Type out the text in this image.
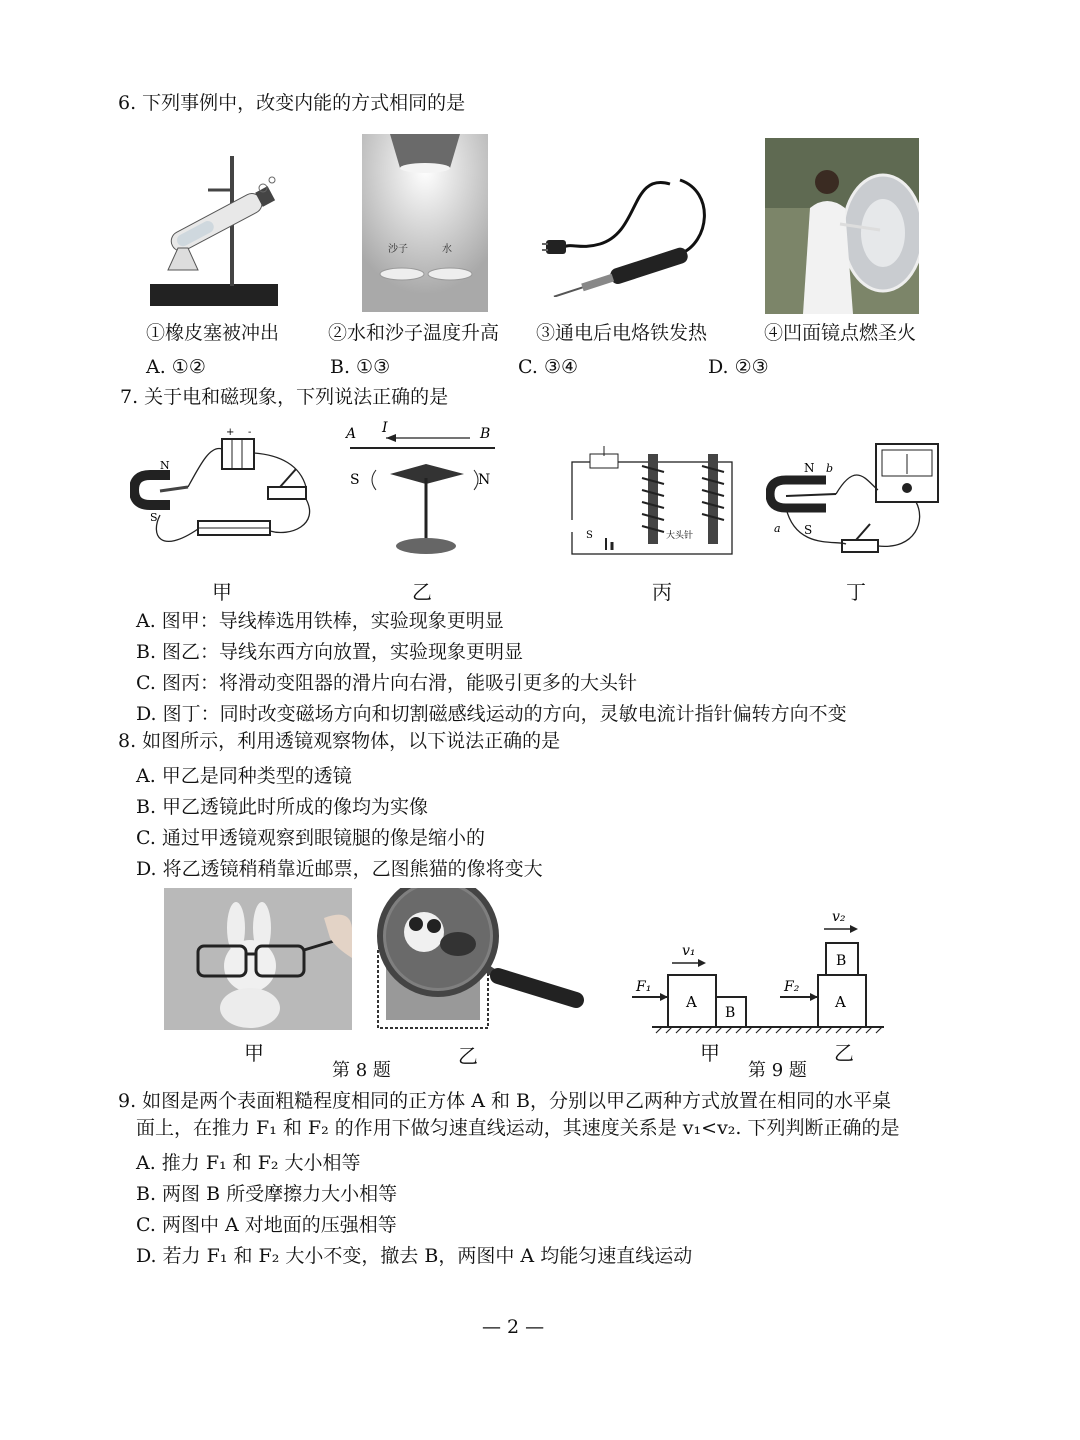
6. 下列事例中，改变内能的方式相同的是
沙子	水
①橡皮塞被冲出	②水和沙子温度升高 ③通电后电烙铁发热	④凹面镜点燃圣火
A. ①②	B. ①③	C. ③④	D. ②③
7. 关于电和磁现象，下列说法正确的是
N
S
+ -	A	B
I
S	N
S	大头针
N
S
a
b
甲	乙	丙	丁
A. 图甲：导线棒选用铁棒，实验现象更明显
B. 图乙：导线东西方向放置，实验现象更明显
C. 图丙：将滑动变阻器的滑片向右滑，能吸引更多的大头针
D. 图丁：同时改变磁场方向和切割磁感线运动的方向，灵敏电流计指针偏转方向不变
8. 如图所示，利用透镜观察物体，以下说法正确的是
A. 甲乙是同种类型的透镜
B. 甲乙透镜此时所成的像均为实像
C. 通过甲透镜观察到眼镜腿的像是缩小的
D. 将乙透镜稍稍靠近邮票，乙图熊猫的像将变大
A
B
F₁
v₁
A
B
F₂
v₂
甲
第 8 题
乙	甲
第 9 题
乙
9. 如图是两个表面粗糙程度相同的正方体 A 和 B，分别以甲乙两种方式放置在相同的水平桌
面上，在推力 F₁ 和 F₂ 的作用下做匀速直线运动，其速度关系是 v₁<v₂. 下列判断正确的是
A. 推力 F₁ 和 F₂ 大小相等
B. 两图 B 所受摩擦力大小相等
C. 两图中 A 对地面的压强相等
D. 若力 F₁ 和 F₂ 大小不变，撤去 B，两图中 A 均能匀速直线运动
— 2 —
